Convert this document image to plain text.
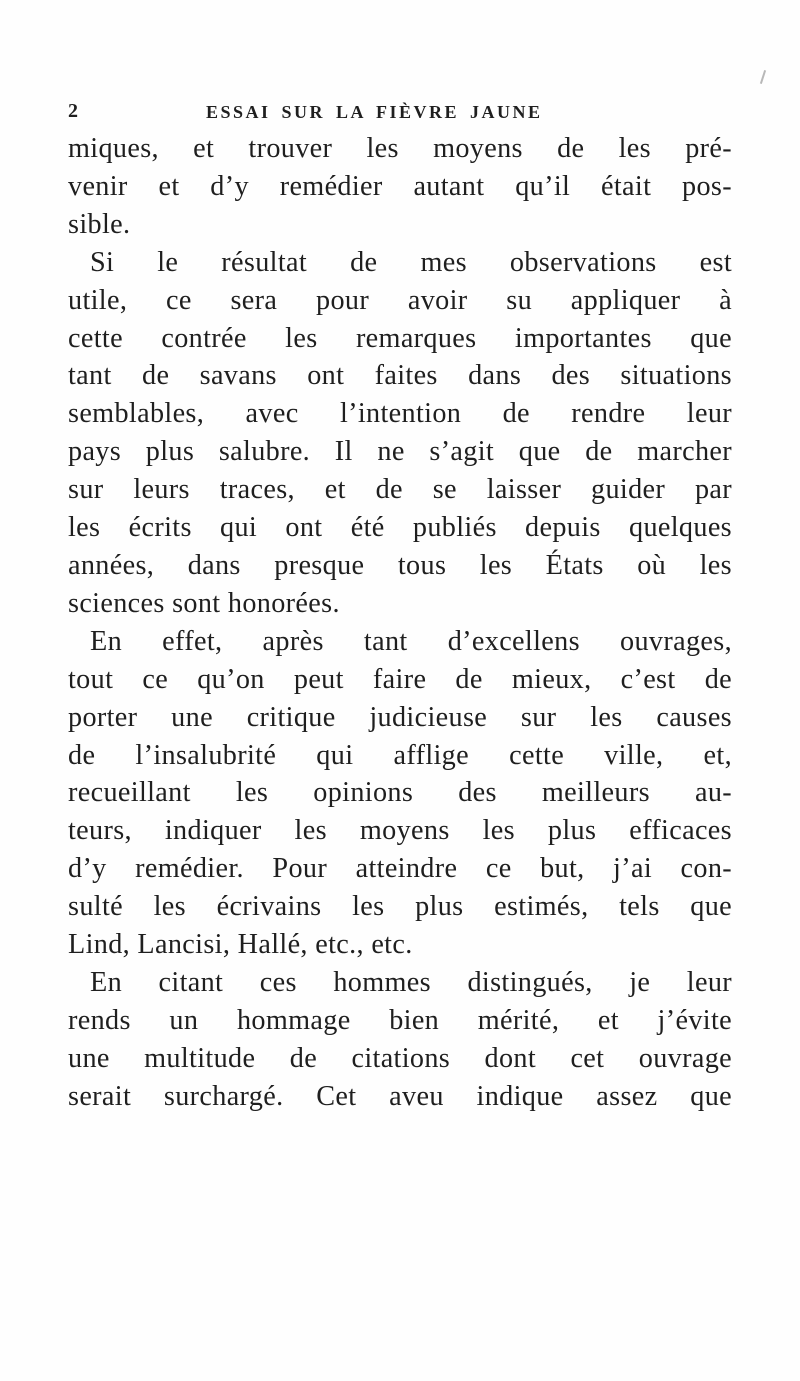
2	ESSAI SUR LA FIÈVRE JAUNE
miques, et trouver les moyens de les pré-
venir et d’y remédier autant qu’il était pos-
sible.
Si le résultat de mes observations est
utile, ce sera pour avoir su appliquer à
cette contrée les remarques importantes que
tant de savans ont faites dans des situations
semblables, avec l’intention de rendre leur
pays plus salubre. Il ne s’agit que de marcher
sur leurs traces, et de se laisser guider par
les écrits qui ont été publiés depuis quelques
années, dans presque tous les États où les
sciences sont honorées.
En effet, après tant d’excellens ouvrages,
tout ce qu’on peut faire de mieux, c’est de
porter une critique judicieuse sur les causes
de l’insalubrité qui afflige cette ville, et,
recueillant les opinions des meilleurs au-
teurs, indiquer les moyens les plus efficaces
d’y remédier. Pour atteindre ce but, j’ai con-
sulté les écrivains les plus estimés, tels que
Lind, Lancisi, Hallé, etc., etc.
En citant ces hommes distingués, je leur
rends un hommage bien mérité, et j’évite
une multitude de citations dont cet ouvrage
serait surchargé. Cet aveu indique assez que
